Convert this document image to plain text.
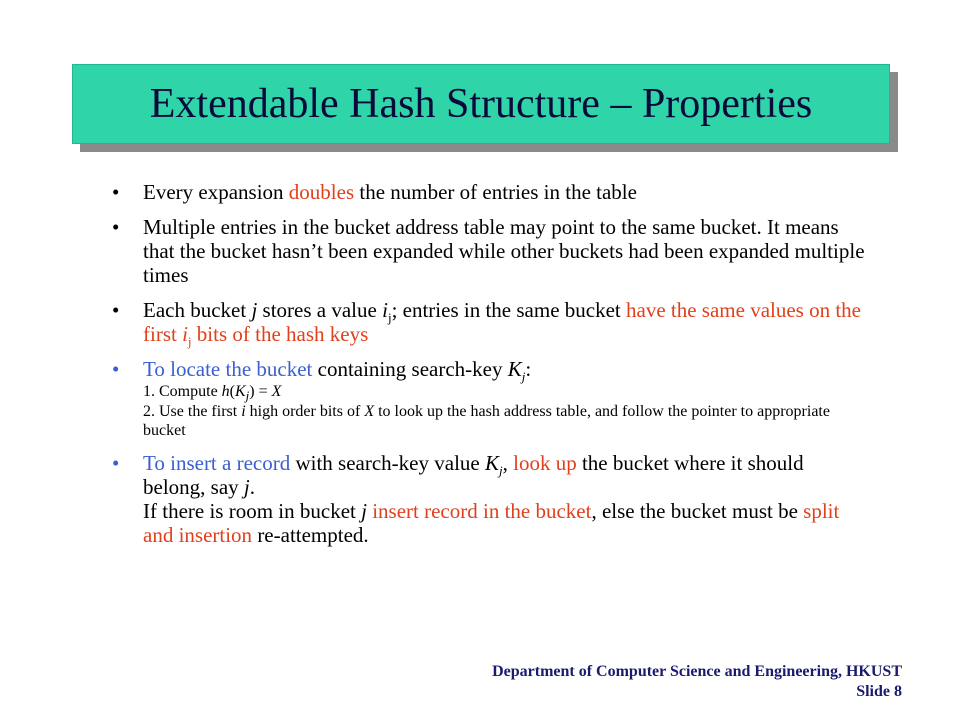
Extendable Hash Structure – Properties
• Every expansion doubles the number of entries in the table
• Multiple entries in the bucket address table may point to the same bucket. It means that the bucket hasn’t been expanded while other buckets had been expanded multiple times
• Each bucket j stores a value $i_j$; entries in the same bucket have the same values on the first $i_j$ bits of the hash keys
• To locate the bucket containing search-key $K_j$:
1. Compute $h(K_j) = X$
2. Use the first i high order bits of X to look up the hash address table, and follow the pointer to appropriate bucket
• To insert a record with search-key value $K_j$, look up the bucket where it should belong, say j.
If there is room in bucket j insert record in the bucket, else the bucket must be split and insertion re-attempted.
Department of Computer Science and Engineering, HKUST
Slide 8
